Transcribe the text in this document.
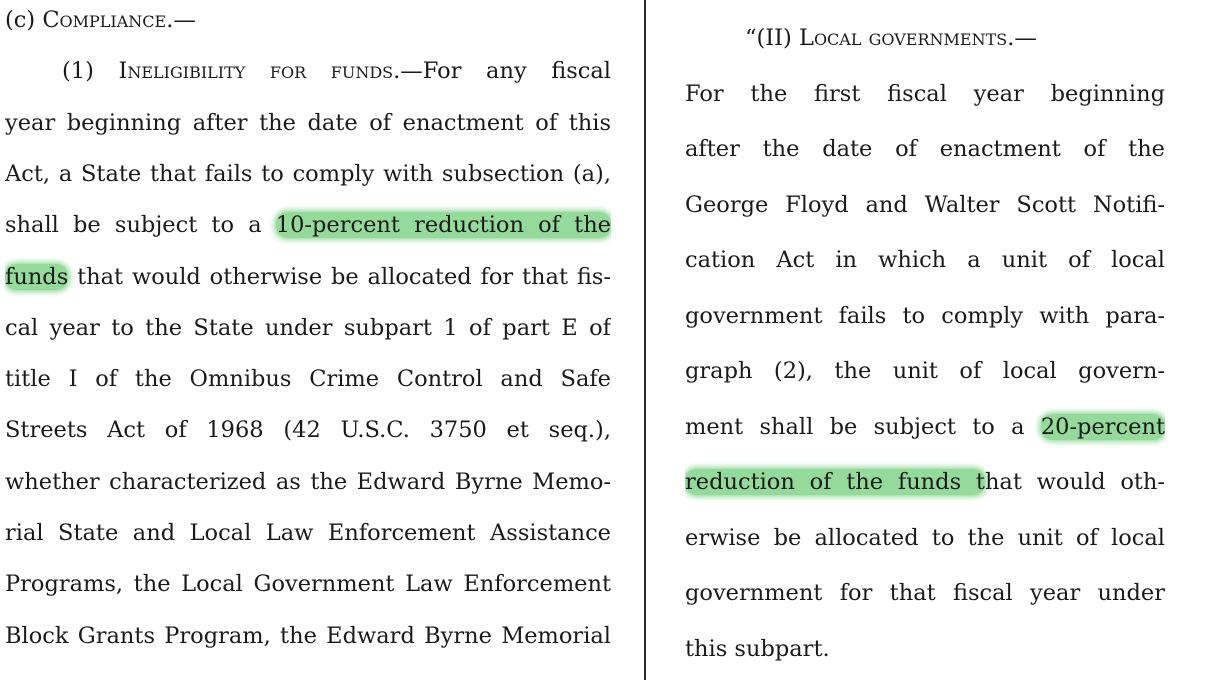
(c) Compliance.—
(1) Ineligibility for funds.—For any fiscal
year beginning after the date of enactment of this
Act, a State that fails to comply with subsection (a),
shall be subject to a 10-percent reduction of the
funds that would otherwise be allocated for that fis-
cal year to the State under subpart 1 of part E of
title I of the Omnibus Crime Control and Safe
Streets Act of 1968 (42 U.S.C. 3750 et seq.),
whether characterized as the Edward Byrne Memo-
rial State and Local Law Enforcement Assistance
Programs, the Local Government Law Enforcement
Block Grants Program, the Edward Byrne Memorial
“(II) Local governments.—
For the first fiscal year beginning
after the date of enactment of the
George Floyd and Walter Scott Notifi-
cation Act in which a unit of local
government fails to comply with para-
graph (2), the unit of local govern-
ment shall be subject to a 20-percent
reduction of the funds that would oth-
erwise be allocated to the unit of local
government for that fiscal year under
this subpart.
